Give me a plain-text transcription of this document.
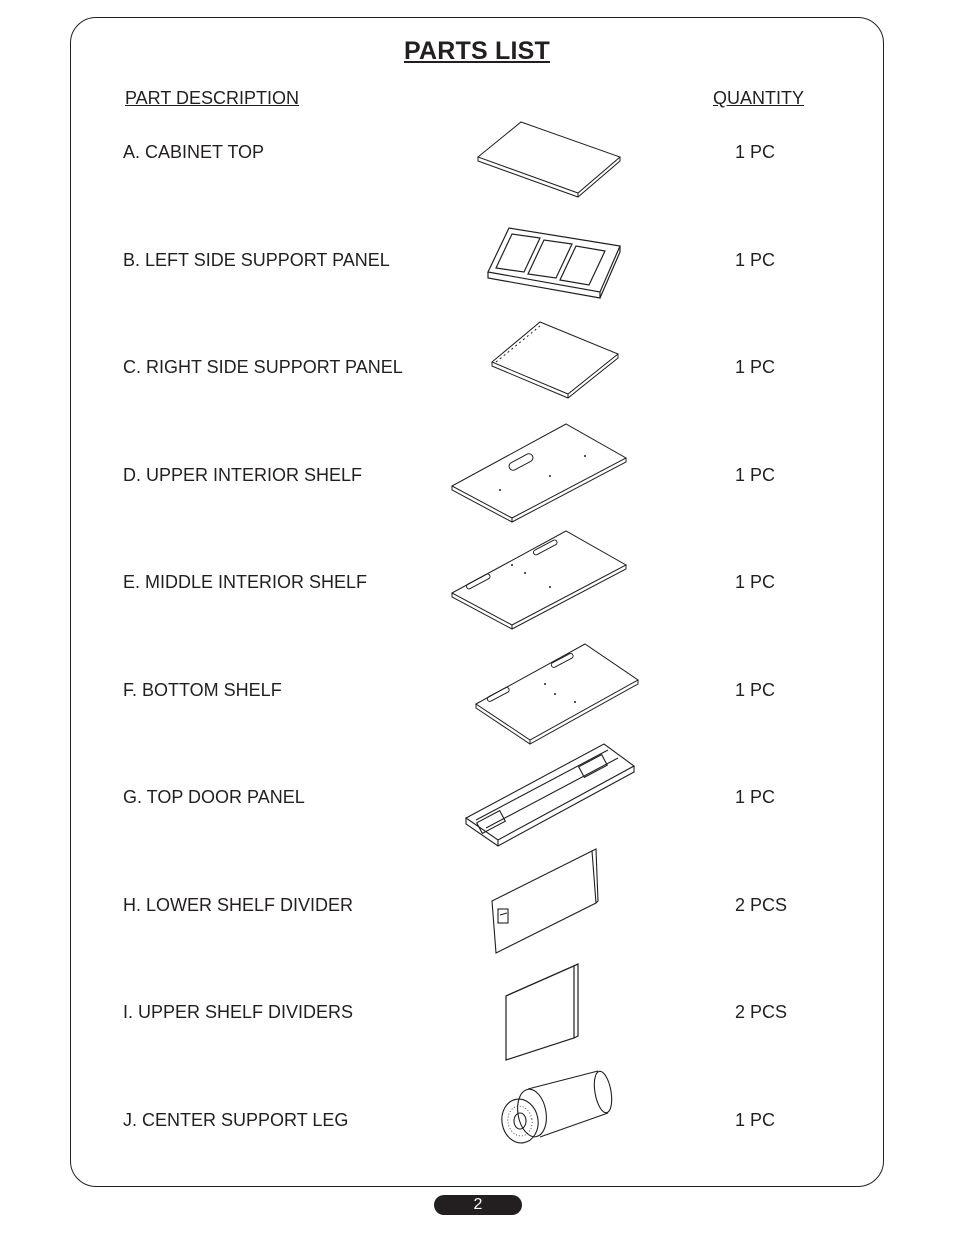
PARTS LIST
PART DESCRIPTION	QUANTITY
A. CABINET TOP	1 PC
B. LEFT SIDE SUPPORT PANEL	1 PC
C. RIGHT SIDE SUPPORT PANEL	1 PC
D. UPPER INTERIOR SHELF	1 PC
E. MIDDLE INTERIOR SHELF	1 PC
F. BOTTOM SHELF	1 PC
G. TOP DOOR PANEL	1 PC
H. LOWER SHELF DIVIDER	2 PCS
I. UPPER SHELF DIVIDERS	2 PCS
J. CENTER SUPPORT LEG	1 PC
2
